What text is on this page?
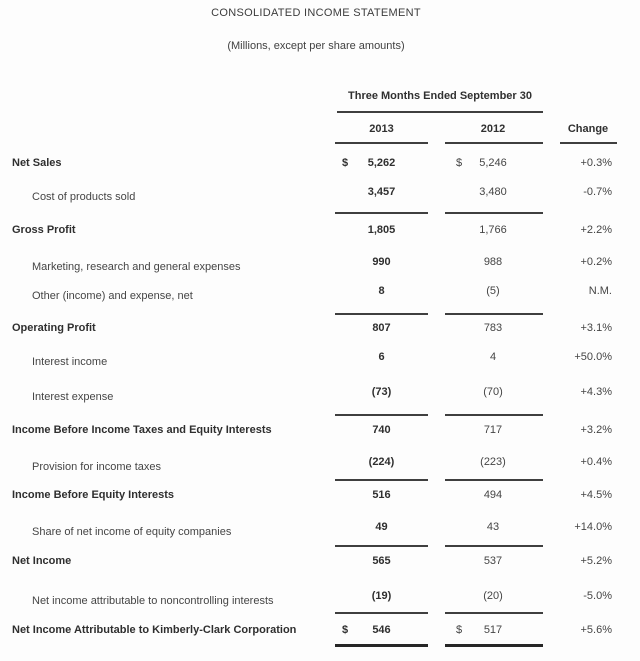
CONSOLIDATED INCOME STATEMENT
(Millions, except per share amounts)
Three Months Ended September 30
2013	2012	Change
Net Sales	$ 5,262	$ 5,246	+0.3%
Cost of products sold	3,457	3,480	-0.7%
Gross Profit	1,805	1,766	+2.2%
Marketing, research and general expenses	990	988	+0.2%
Other (income) and expense, net	8	(5)	N.M.
Operating Profit	807	783	+3.1%
Interest income	6	4	+50.0%
Interest expense	(73)	(70)	+4.3%
Income Before Income Taxes and Equity Interests	740	717	+3.2%
Provision for income taxes	(224)	(223)	+0.4%
Income Before Equity Interests	516	494	+4.5%
Share of net income of equity companies	49	43	+14.0%
Net Income	565	537	+5.2%
Net income attributable to noncontrolling interests	(19)	(20)	-5.0%
Net Income Attributable to Kimberly-Clark Corporation	$ 546	$ 517	+5.6%
